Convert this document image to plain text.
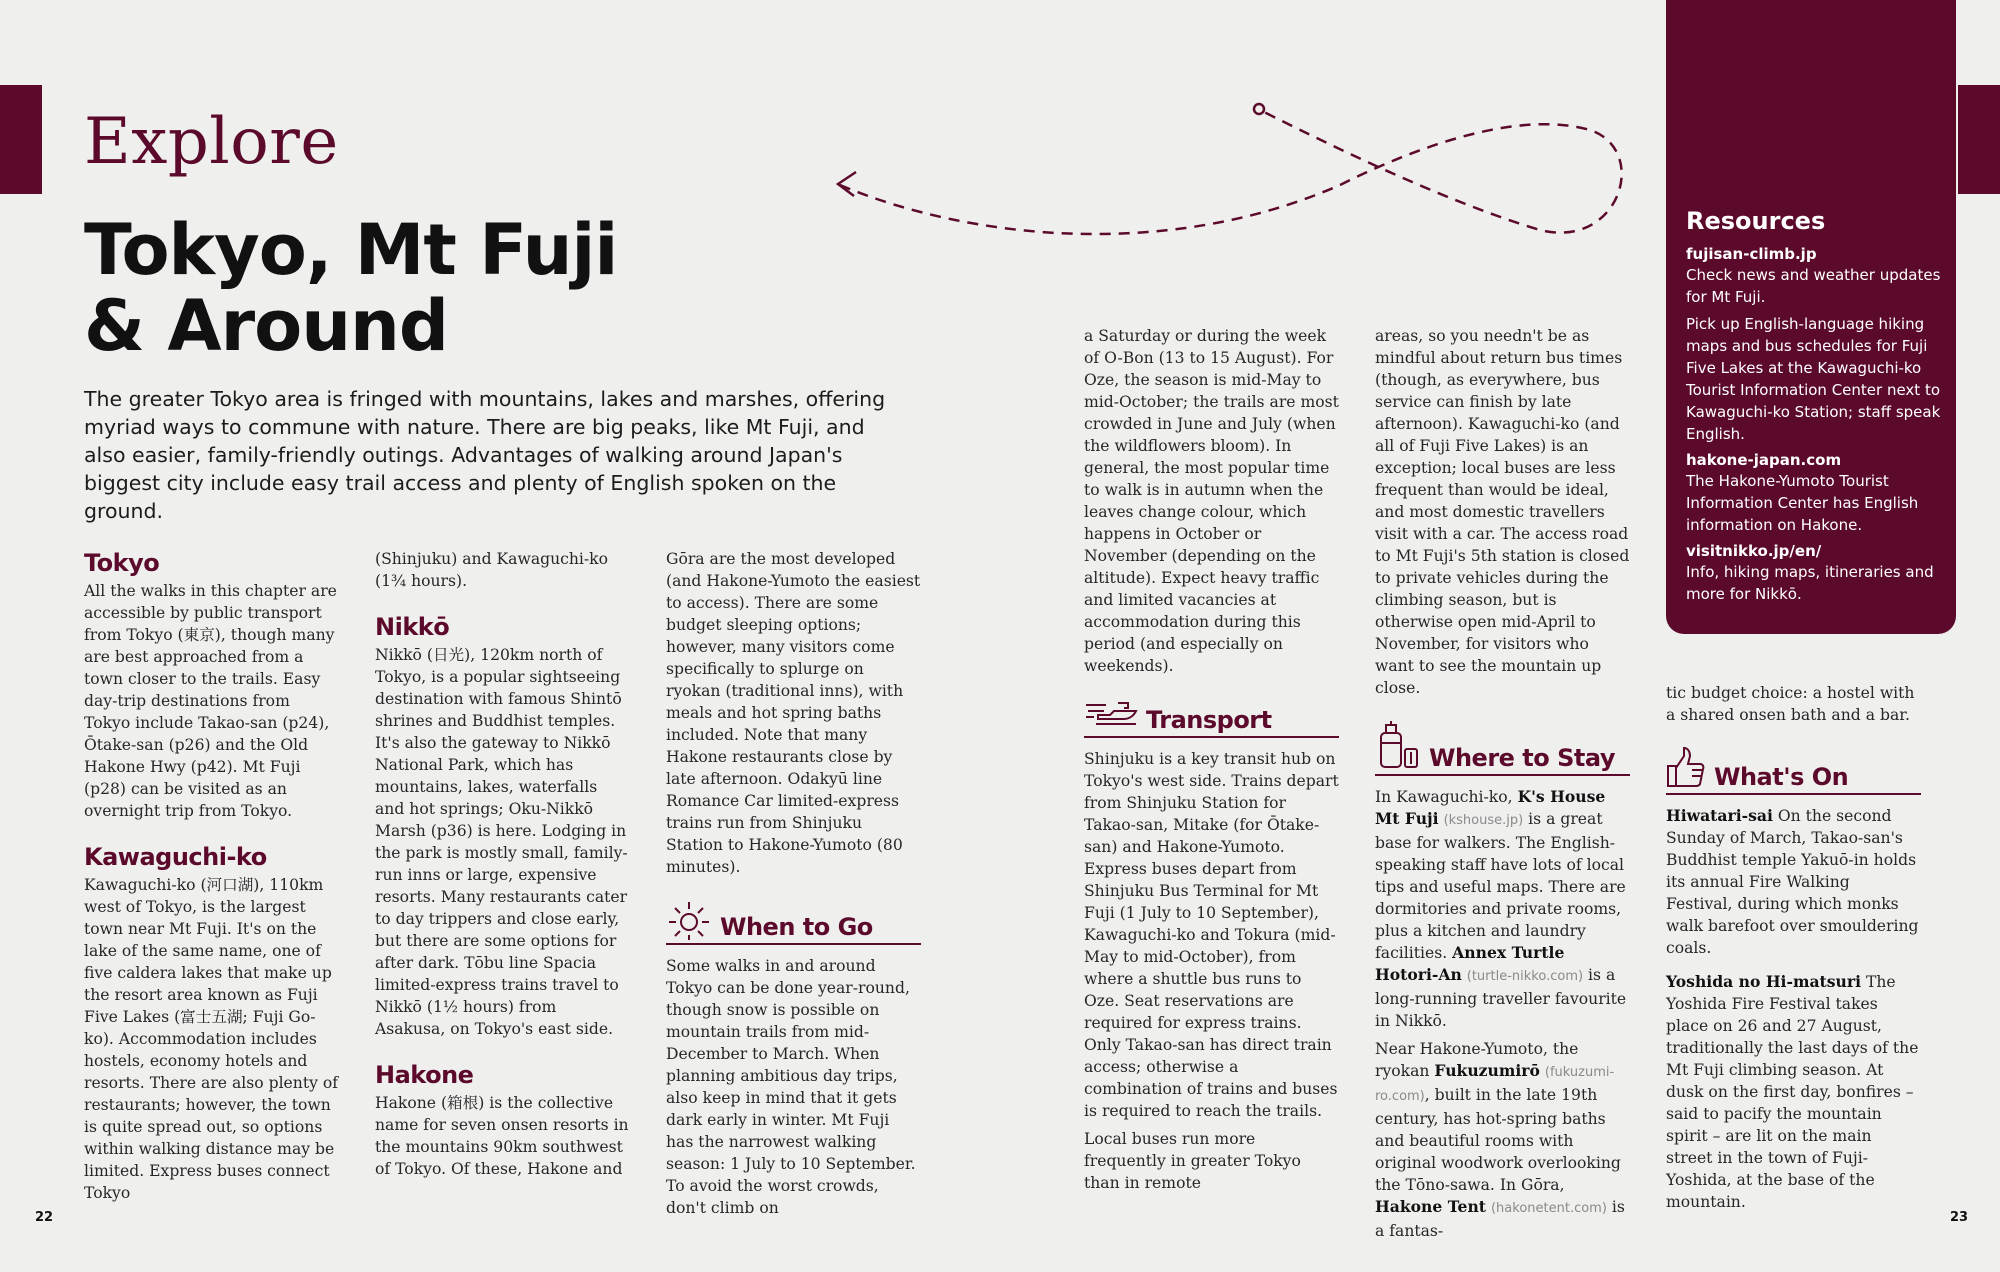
Explore
Tokyo, Mt Fuji
& Around
The greater Tokyo area is fringed with mountains, lakes and marshes, offering myriad ways to commune with nature. There are big peaks, like Mt Fuji, and also easier, family-friendly outings. Advantages of walking around Japan's biggest city include easy trail access and plenty of English spoken on the ground.
Tokyo

All the walks in this chapter are accessible by public transport from Tokyo (東京), though many are best approached from a town closer to the trails. Easy day-trip destinations from Tokyo include Takao-san (p24), Ōtake-san (p26) and the Old Hakone Hwy (p42). Mt Fuji (p28) can be visited as an overnight trip from Tokyo.

Kawaguchi-ko

Kawaguchi-ko (河口湖), 110km west of Tokyo, is the largest town near Mt Fuji. It's on the lake of the same name, one of five caldera lakes that make up the resort area known as Fuji Five Lakes (富士五湖; Fuji Go-ko). Accommodation includes hostels, economy hotels and resorts. There are also plenty of restaurants; however, the town is quite spread out, so options within walking distance may be limited. Express buses connect Tokyo

(Shinjuku) and Kawaguchi-ko (1¾ hours).

Nikkō

Nikkō (日光), 120km north of Tokyo, is a popular sightseeing destination with famous Shintō shrines and Buddhist temples. It's also the gateway to Nikkō National Park, which has mountains, lakes, waterfalls and hot springs; Oku-Nikkō Marsh (p36) is here. Lodging in the park is mostly small, family-run inns or large, expensive resorts. Many restaurants cater to day trippers and close early, but there are some options for after dark. Tōbu line Spacia limited-express trains travel to Nikkō (1½ hours) from Asakusa, on Tokyo's east side.

Hakone

Hakone (箱根) is the collective name for seven onsen resorts in the mountains 90km southwest of Tokyo. Of these, Hakone and

Gōra are the most developed (and Hakone-Yumoto the easiest to access). There are some budget sleeping options; however, many visitors come specifically to splurge on ryokan (traditional inns), with meals and hot spring baths included. Note that many Hakone restaurants close by late afternoon. Odakyū line Romance Car limited-express trains run from Shinjuku Station to Hakone-Yumoto (80 minutes).

When to Go

Some walks in and around Tokyo can be done year-round, though snow is possible on mountain trails from mid-December to March. When planning ambitious day trips, also keep in mind that it gets dark early in winter. Mt Fuji has the narrowest walking season: 1 July to 10 September. To avoid the worst crowds, don't climb on

a Saturday or during the week of O-Bon (13 to 15 August). For Oze, the season is mid-May to mid-October; the trails are most crowded in June and July (when the wildflowers bloom). In general, the most popular time to walk is in autumn when the leaves change colour, which happens in October or November (depending on the altitude). Expect heavy traffic and limited vacancies at accommodation during this period (and especially on weekends).

Transport

Shinjuku is a key transit hub on Tokyo's west side. Trains depart from Shinjuku Station for Takao-san, Mitake (for Ōtake-san) and Hakone-Yumoto. Express buses depart from Shinjuku Bus Terminal for Mt Fuji (1 July to 10 September), Kawaguchi-ko and Tokura (mid-May to mid-October), from where a shuttle bus runs to Oze. Seat reservations are required for express trains. Only Takao-san has direct train access; otherwise a combination of trains and buses is required to reach the trails.

Local buses run more frequently in greater Tokyo than in remote

areas, so you needn't be as mindful about return bus times (though, as everywhere, bus service can finish by late afternoon). Kawaguchi-ko (and all of Fuji Five Lakes) is an exception; local buses are less frequent than would be ideal, and most domestic travellers visit with a car. The access road to Mt Fuji's 5th station is closed to private vehicles during the climbing season, but is otherwise open mid-April to November, for visitors who want to see the mountain up close.

Where to Stay

In Kawaguchi-ko, K's House Mt Fuji (kshouse.jp) is a great base for walkers. The English-speaking staff have lots of local tips and useful maps. There are dormitories and private rooms, plus a kitchen and laundry facilities. Annex Turtle Hotori-An (turtle-nikko.com) is a long-running traveller favourite in Nikkō.

Near Hakone-Yumoto, the ryokan Fukuzumirō (fukuzumi-ro.com), built in the late 19th century, has hot-spring baths and beautiful rooms with original woodwork overlooking the Tōno-sawa. In Gōra, Hakone Tent (hakonetent.com) is a fantas-

Resources
fujisan-climb.jp
Check news and weather updates for Mt Fuji.
Pick up English-language hiking maps and bus schedules for Fuji Five Lakes at the Kawaguchi-ko Tourist Information Center next to Kawaguchi-ko Station; staff speak English.
hakone-japan.com
The Hakone-Yumoto Tourist Information Center has English information on Hakone.
visitnikko.jp/en/
Info, hiking maps, itineraries and more for Nikkō.

tic budget choice: a hostel with a shared onsen bath and a bar.

What's On

Hiwatari-sai On the second Sunday of March, Takao-san's Buddhist temple Yakuō-in holds its annual Fire Walking Festival, during which monks walk barefoot over smouldering coals.

Yoshida no Hi-matsuri The Yoshida Fire Festival takes place on 26 and 27 August, traditionally the last days of the Mt Fuji climbing season. At dusk on the first day, bonfires – said to pacify the mountain spirit – are lit on the main street in the town of Fuji-Yoshida, at the base of the mountain.

22	23
